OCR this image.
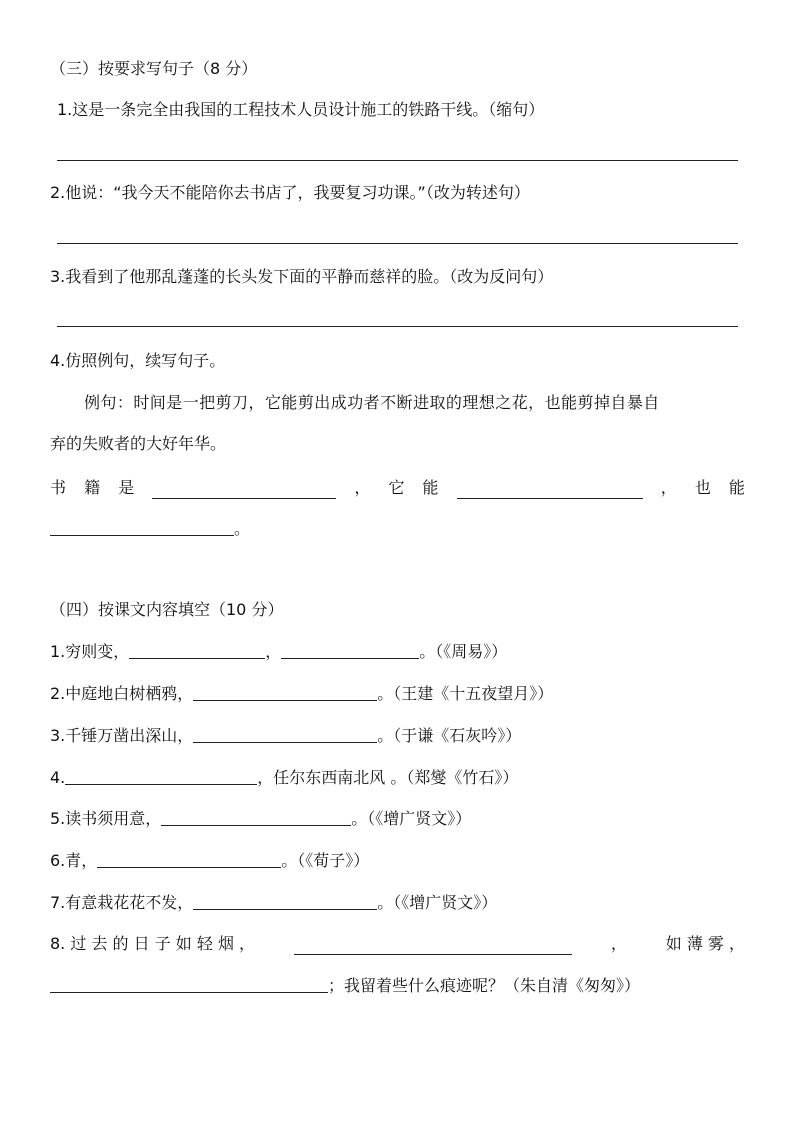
（三）按要求写句子（8 分）
1.这是一条完全由我国的工程技术人员设计施工的铁路干线。（缩句）
2.他说：“我今天不能陪你去书店了，我要复习功课。”（改为转述句）
3.我看到了他那乱蓬蓬的长头发下面的平静而慈祥的脸。（改为反问句）
4.仿照例句，续写句子。
例句：时间是一把剪刀，它能剪出成功者不断进取的理想之花，也能剪掉自暴自
弃的失败者的大好年华。
书 籍 是	， 它 能	， 也 能
。
（四）按课文内容填空（10 分）
1.穷则变，	，	。（《周易》）
2.中庭地白树栖鸦，	。（王建《十五夜望月》）
3.千锤万凿出深山，	。（于谦《石灰吟》）
4.	，任尔东西南北风 。（郑燮《竹石》）
5.读书须用意，	。（《增广贤文》）
6.青，	。（《荀子》）
7.有意栽花花不发，	。（《增广贤文》）
8. 过 去 的 日 子 如 轻 烟 ，	， 如 薄 雾 ，
；我留着些什么痕迹呢？（朱自清《匆匆》）
